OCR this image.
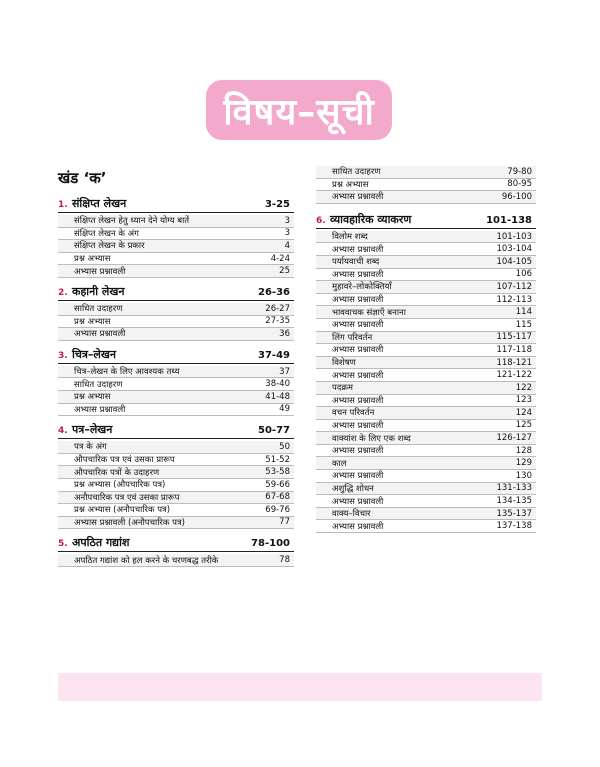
विषय–सूची
खंड ‘क’
1. संक्षिप्त लेखन	3-25
संक्षिप्त लेखन हेतु ध्यान देने योग्य बातें	3
संक्षिप्त लेखन के अंग	3
संक्षिप्त लेखन के प्रकार	4
प्रश्न अभ्यास	4-24
अभ्यास प्रश्नावली	25
2. कहानी लेखन	26-36
साधित उदाहरण	26-27
प्रश्न अभ्यास	27-35
अभ्यास प्रश्नावली	36
3. चित्र–लेखन	37-49
चित्र–लेखन के लिए आवश्यक तथ्य	37
साधित उदाहरण	38-40
प्रश्न अभ्यास	41-48
अभ्यास प्रश्नावली	49
4. पत्र–लेखन	50-77
पत्र के अंग	50
औपचारिक पत्र एवं उसका प्रारूप	51-52
औपचारिक पत्रों के उदाहरण	53-58
प्रश्न अभ्यास (औपचारिक पत्र)	59-66
अनौपचारिक पत्र एवं उसका प्रारूप	67-68
प्रश्न अभ्यास (अनौपचारिक पत्र)	69-76
अभ्यास प्रश्नावली (अनौपचारिक पत्र)	77
5. अपठित गद्यांश	78-100
अपठित गद्यांश को हल करने के चरणबद्ध तरीके	78
साधित उदाहरण	79-80
प्रश्न अभ्यास	80-95
अभ्यास प्रश्नावली	96-100
6. व्यावहारिक व्याकरण	101-138
विलोम शब्द	101-103
अभ्यास प्रश्नावली	103-104
पर्यायवाची शब्द	104-105
अभ्यास प्रश्नावली	106
मुहावरे–लोकोक्तियाँ	107-112
अभ्यास प्रश्नावली	112-113
भाववाचक संज्ञाएँ बनाना	114
अभ्यास प्रश्नावली	115
लिंग परिवर्तन	115-117
अभ्यास प्रश्नावली	117-118
विशेषण	118-121
अभ्यास प्रश्नावली	121-122
पदक्रम	122
अभ्यास प्रश्नावली	123
वचन परिवर्तन	124
अभ्यास प्रश्नावली	125
वाक्यांश के लिए एक शब्द	126-127
अभ्यास प्रश्नावली	128
काल	129
अभ्यास प्रश्नावली	130
अशुद्धि शोधन	131-133
अभ्यास प्रश्नावली	134-135
वाक्य–विचार	135-137
अभ्यास प्रश्नावली	137-138
